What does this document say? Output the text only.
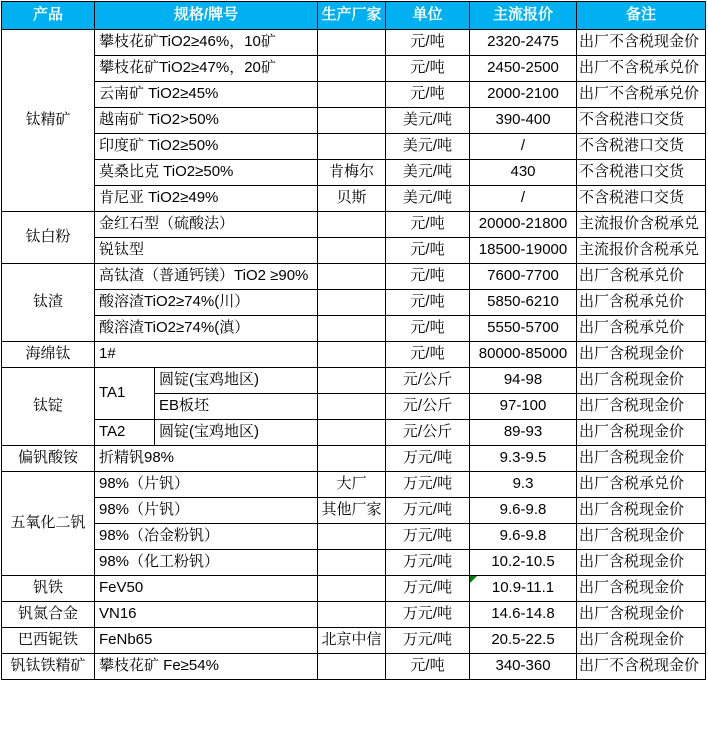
产品	规格/牌号		生产厂家	单位	主流报价	备注
钛精矿	攀枝花矿TiO2≥46%，10矿			元/吨	2320-2475	出厂不含税现金价
	攀枝花矿TiO2≥47%，20矿			元/吨	2450-2500	出厂不含税承兑价
	云南矿 TiO2≥45%			元/吨	2000-2100	出厂不含税承兑价
	越南矿 TiO2>50%			美元/吨	390-400	不含税港口交货
	印度矿 TiO2≥50%			美元/吨	/	不含税港口交货
	莫桑比克 TiO2≥50%		肯梅尔	美元/吨	430	不含税港口交货
	肯尼亚 TiO2≥49%		贝斯	美元/吨	/	不含税港口交货
钛白粉	金红石型（硫酸法）			元/吨	20000-21800	主流报价含税承兑
	锐钛型			元/吨	18500-19000	主流报价含税承兑
钛渣	高钛渣（普通钙镁）TiO2 ≥90%			元/吨	7600-7700	出厂含税承兑价
	酸溶渣TiO2≥74%(川）			元/吨	5850-6210	出厂含税承兑价
	酸溶渣TiO2≥74%(滇）			元/吨	5550-5700	出厂含税承兑价
海绵钛	1#			元/吨	80000-85000	出厂含税现金价
钛锭	TA1	圆锭(宝鸡地区)		元/公斤	94-98	出厂含税现金价
		EB板坯		元/公斤	97-100	出厂含税现金价
	TA2	圆锭(宝鸡地区)		元/公斤	89-93	出厂含税现金价
偏钒酸铵	折精钒98%			万元/吨	9.3-9.5	出厂含税现金价
五氧化二钒	98%（片钒）		大厂	万元/吨	9.3	出厂含税承兑价
	98%（片钒）		其他厂家	万元/吨	9.6-9.8	出厂含税现金价
	98%（冶金粉钒）			万元/吨	9.6-9.8	出厂含税现金价
	98%（化工粉钒）			万元/吨	10.2-10.5	出厂含税现金价
钒铁	FeV50			万元/吨	10.9-11.1	出厂含税现金价
钒氮合金	VN16			万元/吨	14.6-14.8	出厂含税现金价
巴西铌铁	FeNb65		北京中信	万元/吨	20.5-22.5	出厂含税现金价
钒钛铁精矿	攀枝花矿 Fe≥54%			元/吨	340-360	出厂不含税现金价
